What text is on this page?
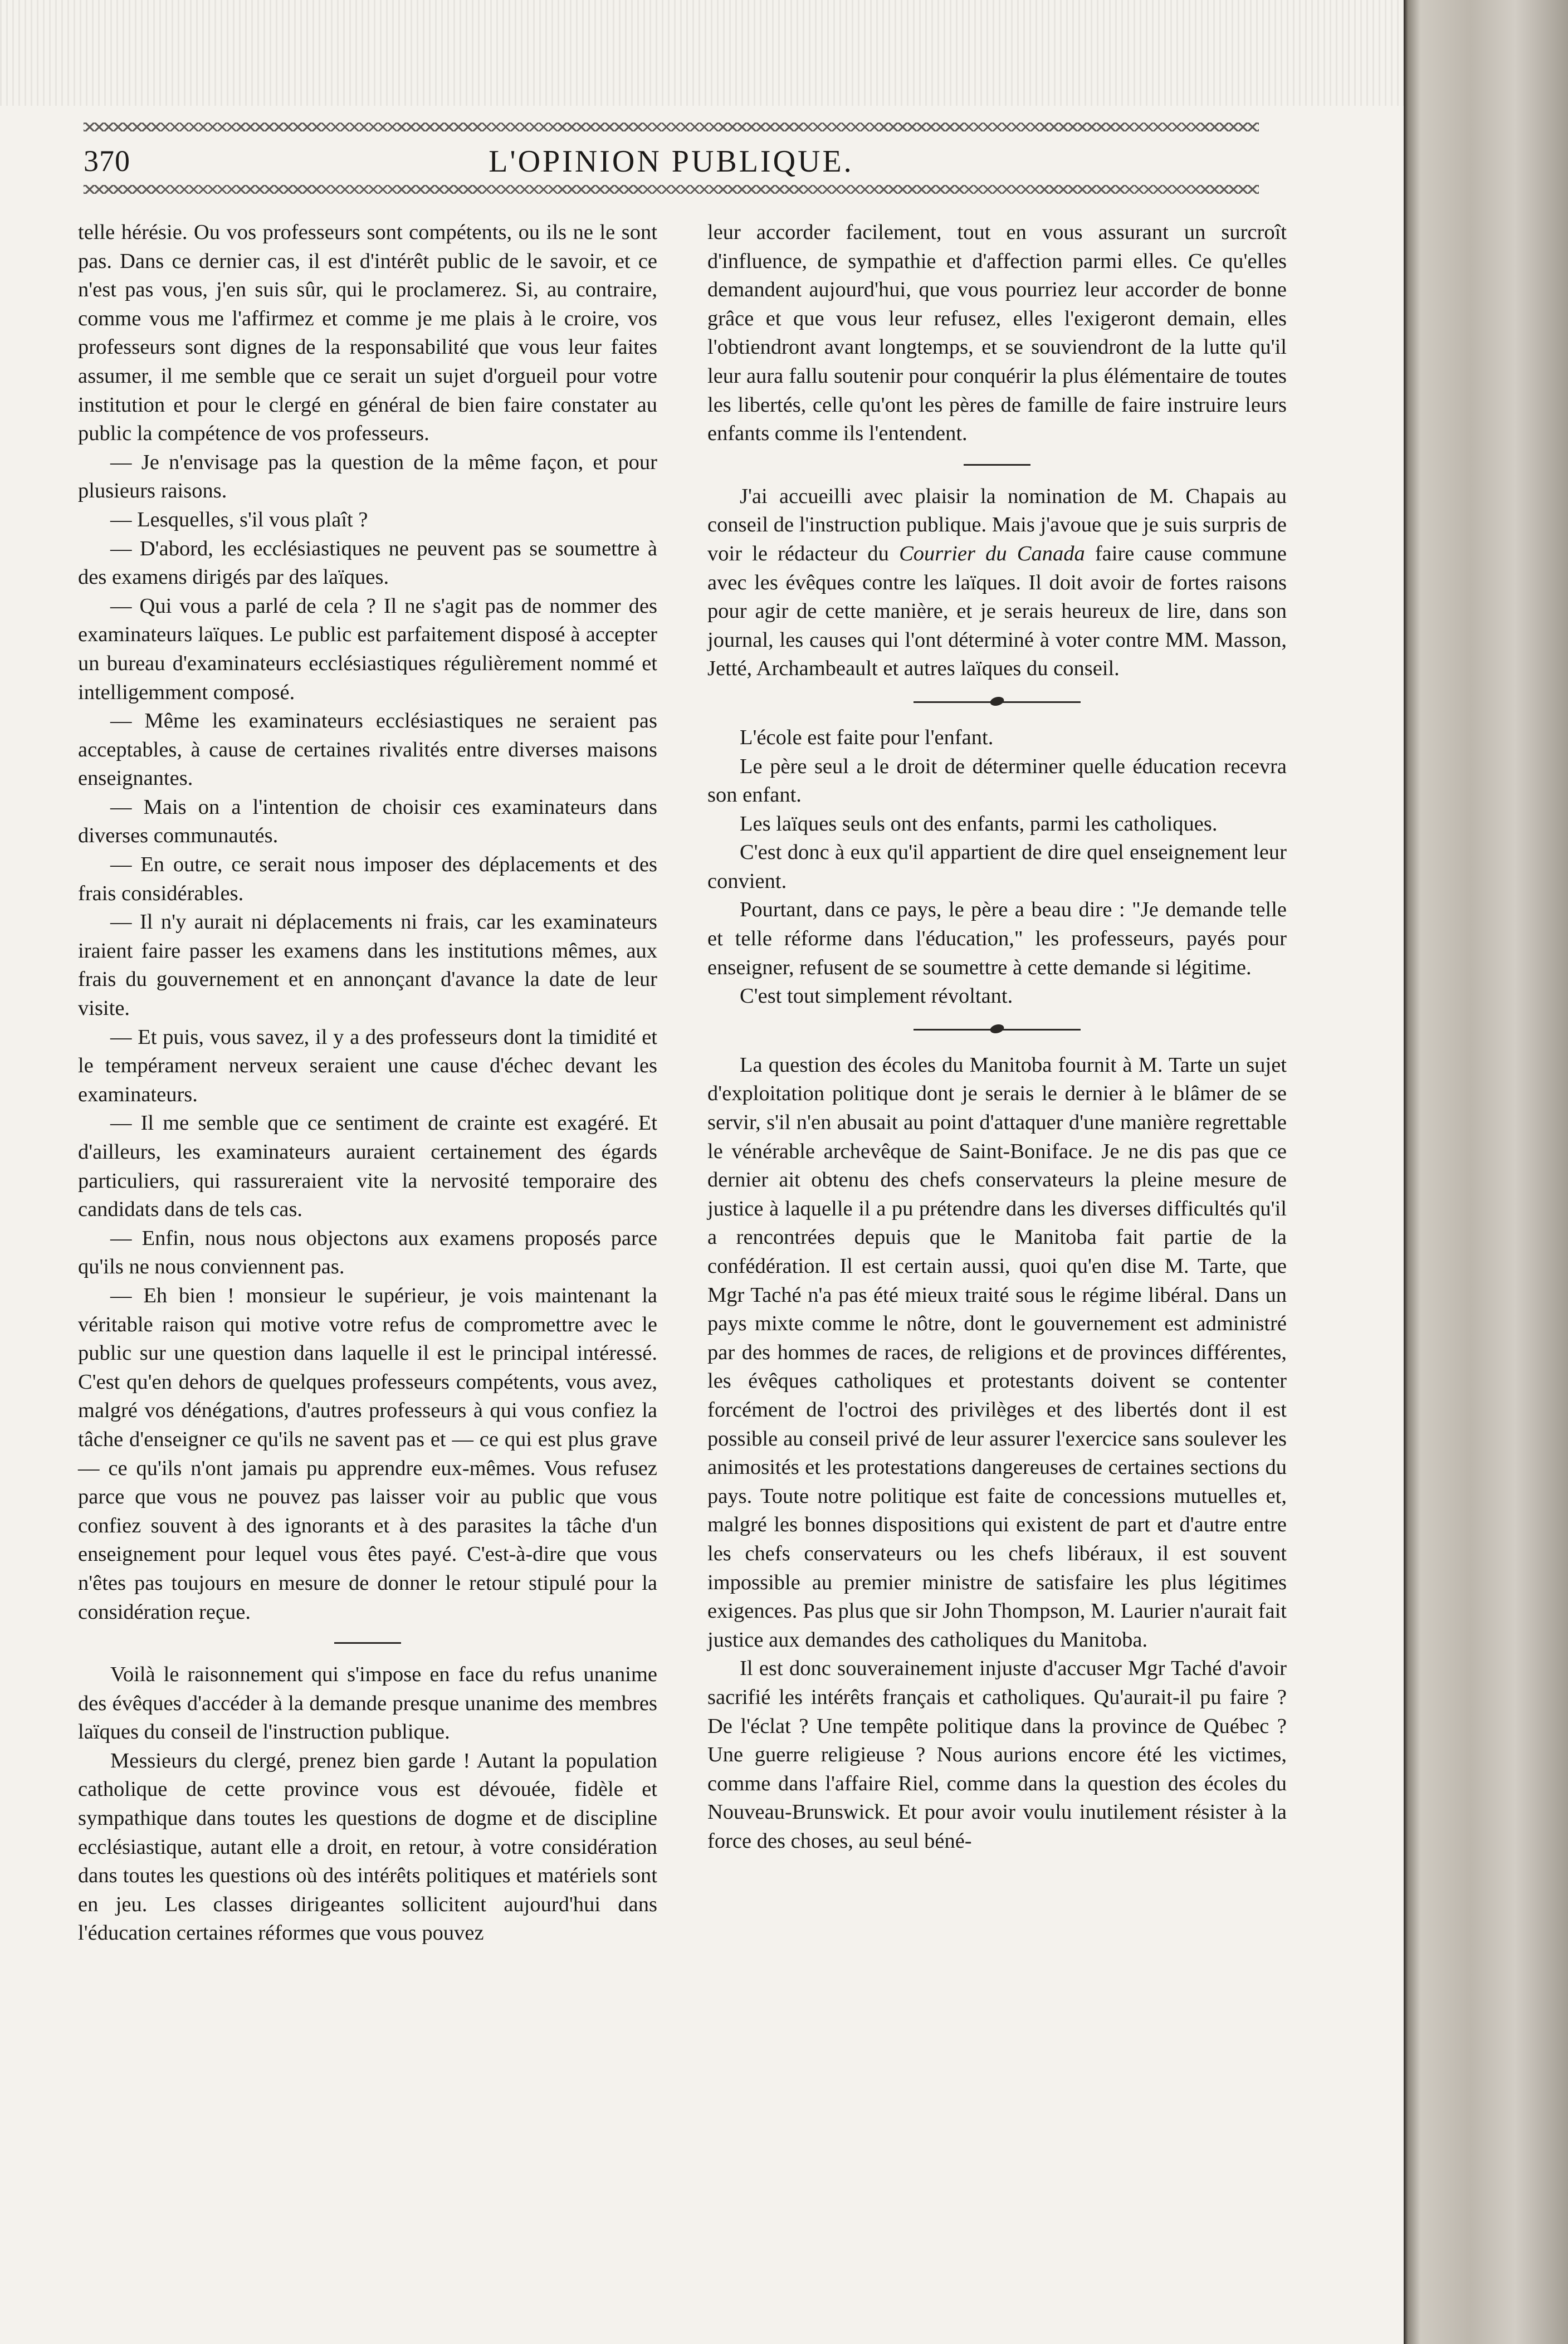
370	L'OPINION PUBLIQUE.

telle hérésie. Ou vos professeurs sont compétents, ou ils ne le sont pas. Dans ce dernier cas, il est d'intérêt public de le savoir, et ce n'est pas vous, j'en suis sûr, qui le proclamerez. Si, au contraire, comme vous me l'affirmez et comme je me plais à le croire, vos professeurs sont dignes de la responsabilité que vous leur faites assumer, il me semble que ce serait un sujet d'orgueil pour votre institution et pour le clergé en général de bien faire constater au public la compétence de vos professeurs.

— Je n'envisage pas la question de la même façon, et pour plusieurs raisons.

— Lesquelles, s'il vous plaît ?

— D'abord, les ecclésiastiques ne peuvent pas se soumettre à des examens dirigés par des laïques.

— Qui vous a parlé de cela ? Il ne s'agit pas de nommer des examinateurs laïques. Le public est parfaitement disposé à accepter un bureau d'examinateurs ecclésiastiques régulièrement nommé et intelligemment composé.

— Même les examinateurs ecclésiastiques ne seraient pas acceptables, à cause de certaines rivalités entre diverses maisons enseignantes.

— Mais on a l'intention de choisir ces examinateurs dans diverses communautés.

— En outre, ce serait nous imposer des déplacements et des frais considérables.

— Il n'y aurait ni déplacements ni frais, car les examinateurs iraient faire passer les examens dans les institutions mêmes, aux frais du gouvernement et en annonçant d'avance la date de leur visite.

— Et puis, vous savez, il y a des professeurs dont la timidité et le tempérament nerveux seraient une cause d'échec devant les examinateurs.

— Il me semble que ce sentiment de crainte est exagéré. Et d'ailleurs, les examinateurs auraient certainement des égards particuliers, qui rassureraient vite la nervosité temporaire des candidats dans de tels cas.

— Enfin, nous nous objectons aux examens proposés parce qu'ils ne nous conviennent pas.

— Eh bien ! monsieur le supérieur, je vois maintenant la véritable raison qui motive votre refus de compromettre avec le public sur une question dans laquelle il est le principal intéressé. C'est qu'en dehors de quelques professeurs compétents, vous avez, malgré vos dénégations, d'autres professeurs à qui vous confiez la tâche d'enseigner ce qu'ils ne savent pas et — ce qui est plus grave — ce qu'ils n'ont jamais pu apprendre eux-mêmes. Vous refusez parce que vous ne pouvez pas laisser voir au public que vous confiez souvent à des ignorants et à des parasites la tâche d'un enseignement pour lequel vous êtes payé. C'est-à-dire que vous n'êtes pas toujours en mesure de donner le retour stipulé pour la considération reçue.

Voilà le raisonnement qui s'impose en face du refus unanime des évêques d'accéder à la demande presque unanime des membres laïques du conseil de l'instruction publique.

Messieurs du clergé, prenez bien garde ! Autant la population catholique de cette province vous est dévouée, fidèle et sympathique dans toutes les questions de dogme et de discipline ecclésiastique, autant elle a droit, en retour, à votre considération dans toutes les questions où des intérêts politiques et matériels sont en jeu. Les classes dirigeantes sollicitent aujourd'hui dans l'éducation certaines réformes que vous pouvez

leur accorder facilement, tout en vous assurant un surcroît d'influence, de sympathie et d'affection parmi elles. Ce qu'elles demandent aujourd'hui, que vous pourriez leur accorder de bonne grâce et que vous leur refusez, elles l'exigeront demain, elles l'obtiendront avant longtemps, et se souviendront de la lutte qu'il leur aura fallu soutenir pour conquérir la plus élémentaire de toutes les libertés, celle qu'ont les pères de famille de faire instruire leurs enfants comme ils l'entendent.

J'ai accueilli avec plaisir la nomination de M. Chapais au conseil de l'instruction publique. Mais j'avoue que je suis surpris de voir le rédacteur du Courrier du Canada faire cause commune avec les évêques contre les laïques. Il doit avoir de fortes raisons pour agir de cette manière, et je serais heureux de lire, dans son journal, les causes qui l'ont déterminé à voter contre MM. Masson, Jetté, Archambeault et autres laïques du conseil.

L'école est faite pour l'enfant.

Le père seul a le droit de déterminer quelle éducation recevra son enfant.

Les laïques seuls ont des enfants, parmi les catholiques.

C'est donc à eux qu'il appartient de dire quel enseignement leur convient.

Pourtant, dans ce pays, le père a beau dire : "Je demande telle et telle réforme dans l'éducation," les professeurs, payés pour enseigner, refusent de se soumettre à cette demande si légitime.

C'est tout simplement révoltant.

La question des écoles du Manitoba fournit à M. Tarte un sujet d'exploitation politique dont je serais le dernier à le blâmer de se servir, s'il n'en abusait au point d'attaquer d'une manière regrettable le vénérable archevêque de Saint-Boniface. Je ne dis pas que ce dernier ait obtenu des chefs conservateurs la pleine mesure de justice à laquelle il a pu prétendre dans les diverses difficultés qu'il a rencontrées depuis que le Manitoba fait partie de la confédération. Il est certain aussi, quoi qu'en dise M. Tarte, que Mgr Taché n'a pas été mieux traité sous le régime libéral. Dans un pays mixte comme le nôtre, dont le gouvernement est administré par des hommes de races, de religions et de provinces différentes, les évêques catholiques et protestants doivent se contenter forcément de l'octroi des privilèges et des libertés dont il est possible au conseil privé de leur assurer l'exercice sans soulever les animosités et les protestations dangereuses de certaines sections du pays. Toute notre politique est faite de concessions mutuelles et, malgré les bonnes dispositions qui existent de part et d'autre entre les chefs conservateurs ou les chefs libéraux, il est souvent impossible au premier ministre de satisfaire les plus légitimes exigences. Pas plus que sir John Thompson, M. Laurier n'aurait fait justice aux demandes des catholiques du Manitoba.

Il est donc souverainement injuste d'accuser Mgr Taché d'avoir sacrifié les intérêts français et catholiques. Qu'aurait-il pu faire ? De l'éclat ? Une tempête politique dans la province de Québec ? Une guerre religieuse ? Nous aurions encore été les victimes, comme dans l'affaire Riel, comme dans la question des écoles du Nouveau-Brunswick. Et pour avoir voulu inutilement résister à la force des choses, au seul béné-
